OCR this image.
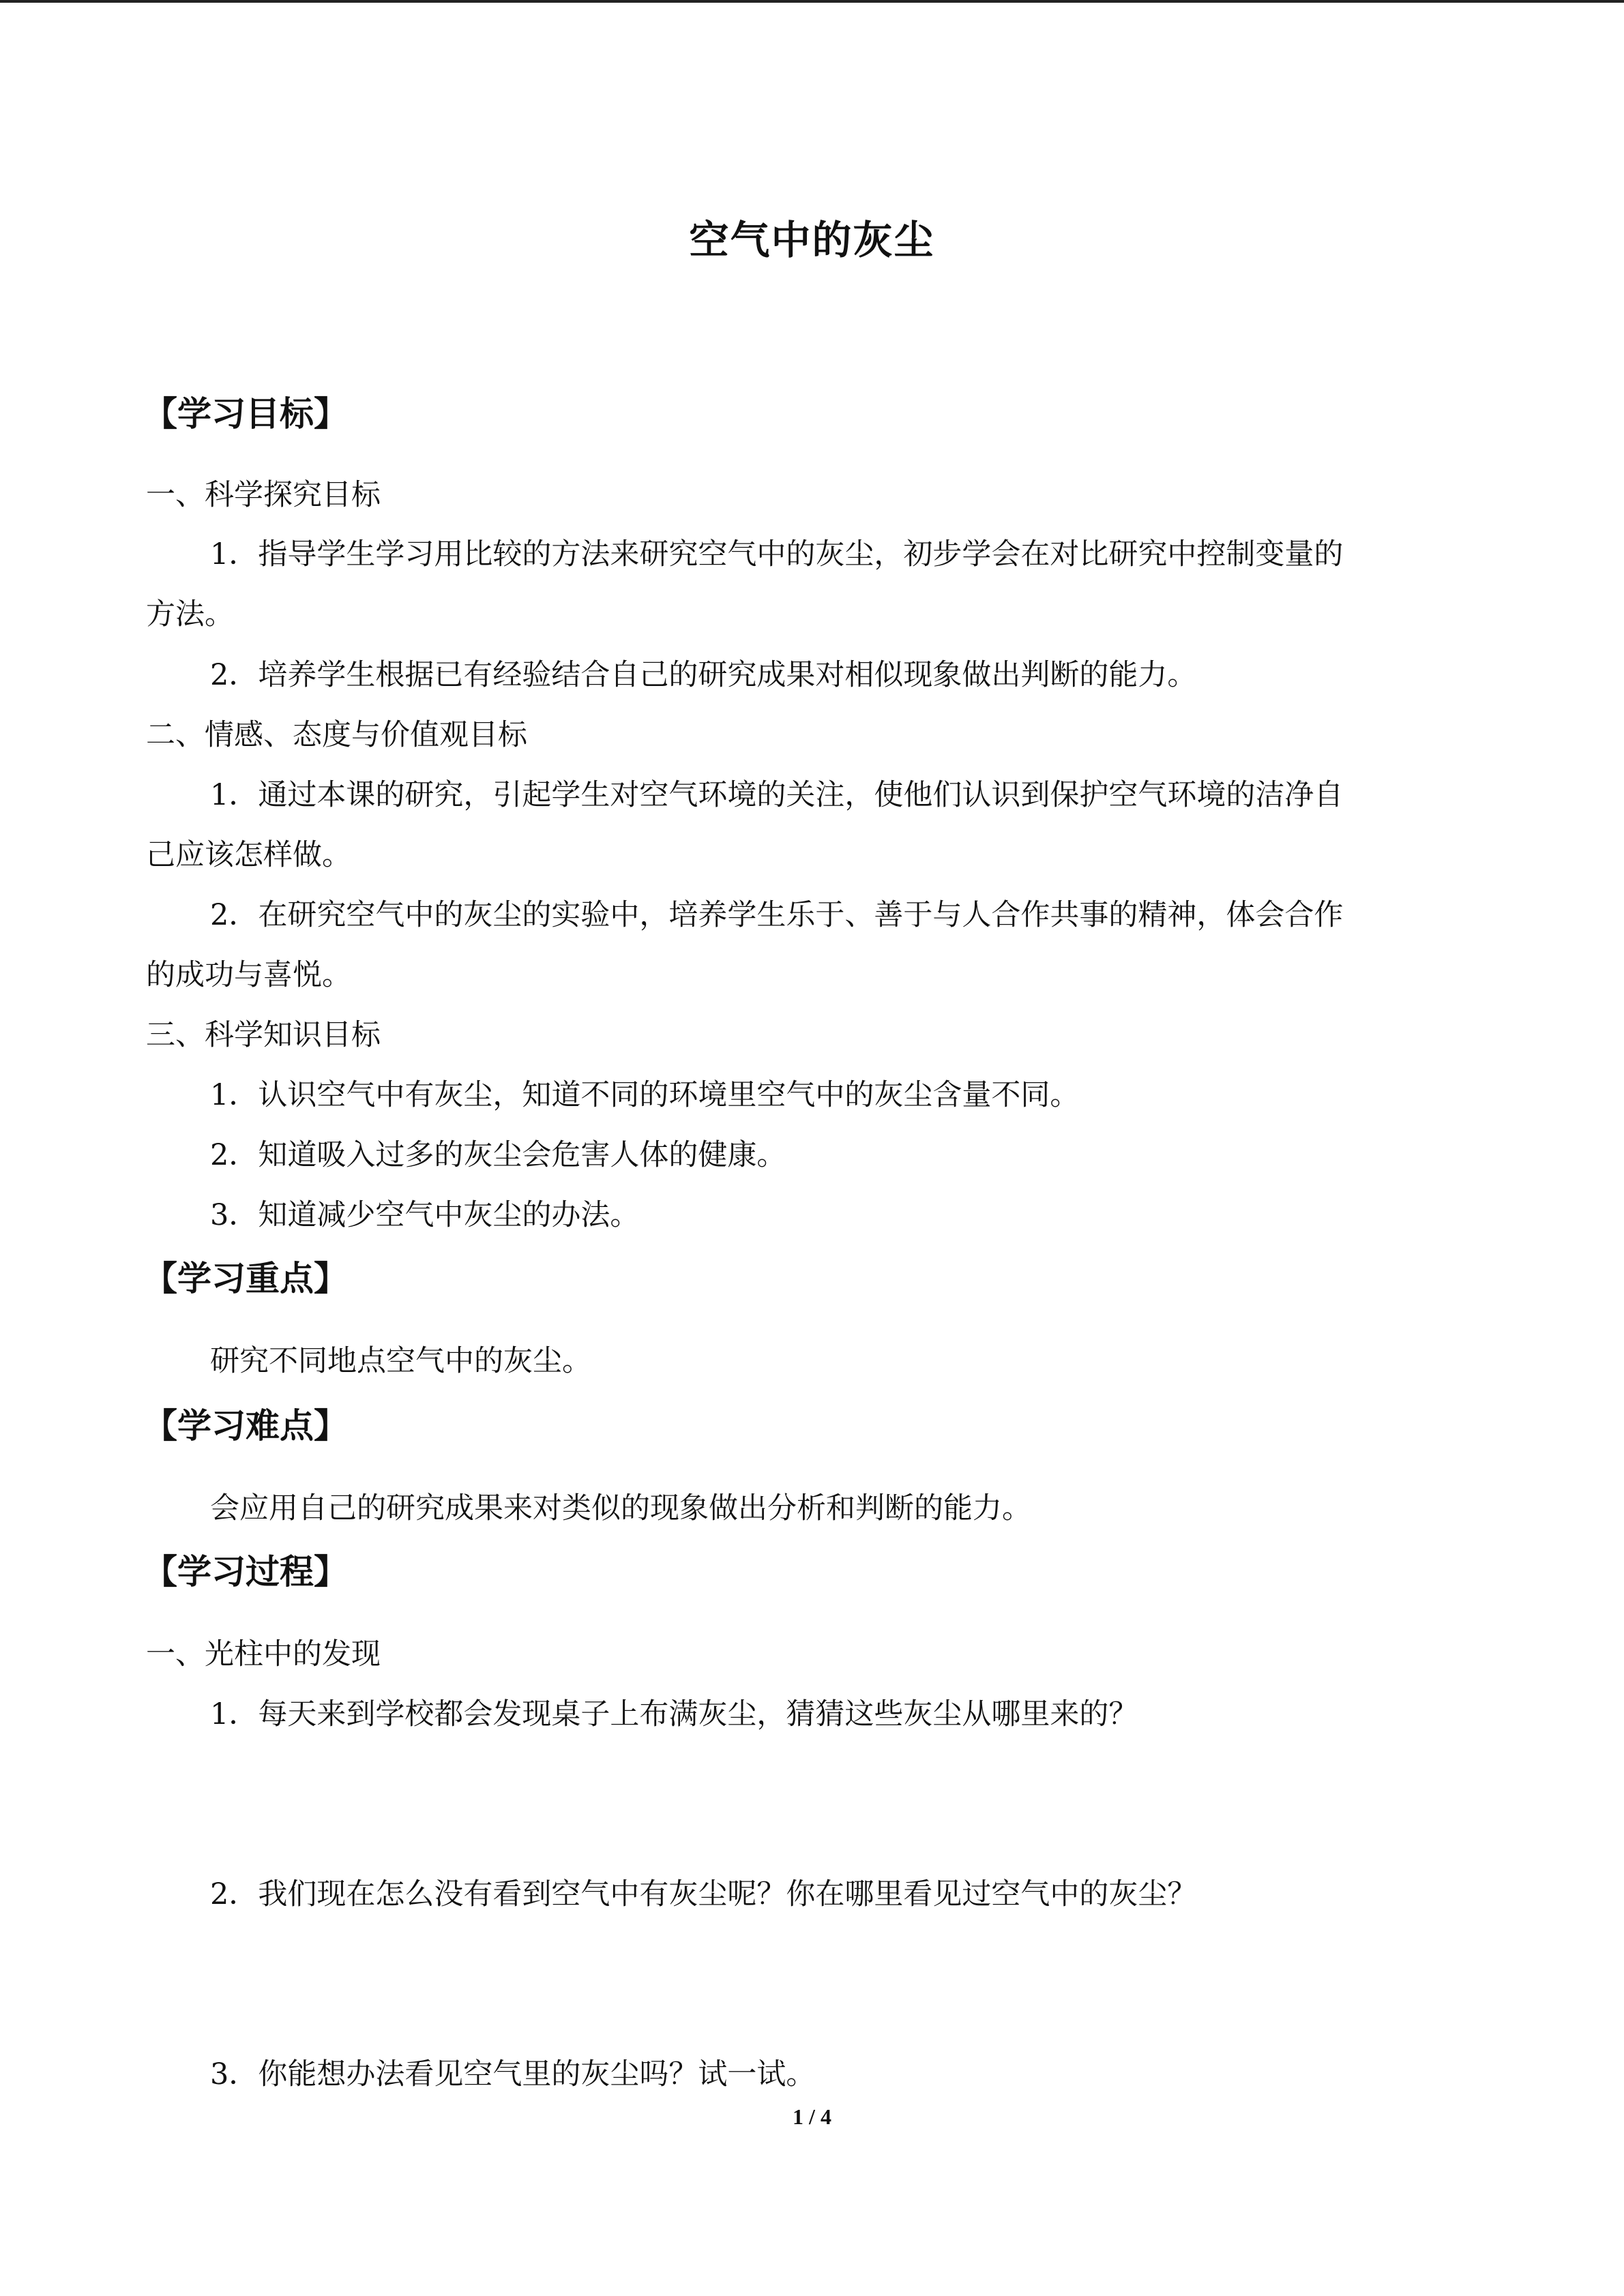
空气中的灰尘
【学习目标】
一、科学探究目标
1．指导学生学习用比较的方法来研究空气中的灰尘，初步学会在对比研究中控制变量的
方法。
2．培养学生根据已有经验结合自己的研究成果对相似现象做出判断的能力。
二、情感、态度与价值观目标
1．通过本课的研究，引起学生对空气环境的关注，使他们认识到保护空气环境的洁净自
己应该怎样做。
2．在研究空气中的灰尘的实验中，培养学生乐于、善于与人合作共事的精神，体会合作
的成功与喜悦。
三、科学知识目标
1．认识空气中有灰尘，知道不同的环境里空气中的灰尘含量不同。
2．知道吸入过多的灰尘会危害人体的健康。
3．知道减少空气中灰尘的办法。
【学习重点】
研究不同地点空气中的灰尘。
【学习难点】
会应用自己的研究成果来对类似的现象做出分析和判断的能力。
【学习过程】
一、光柱中的发现
1．每天来到学校都会发现桌子上布满灰尘，猜猜这些灰尘从哪里来的？
2．我们现在怎么没有看到空气中有灰尘呢？你在哪里看见过空气中的灰尘？
3．你能想办法看见空气里的灰尘吗？试一试。
1 / 4
